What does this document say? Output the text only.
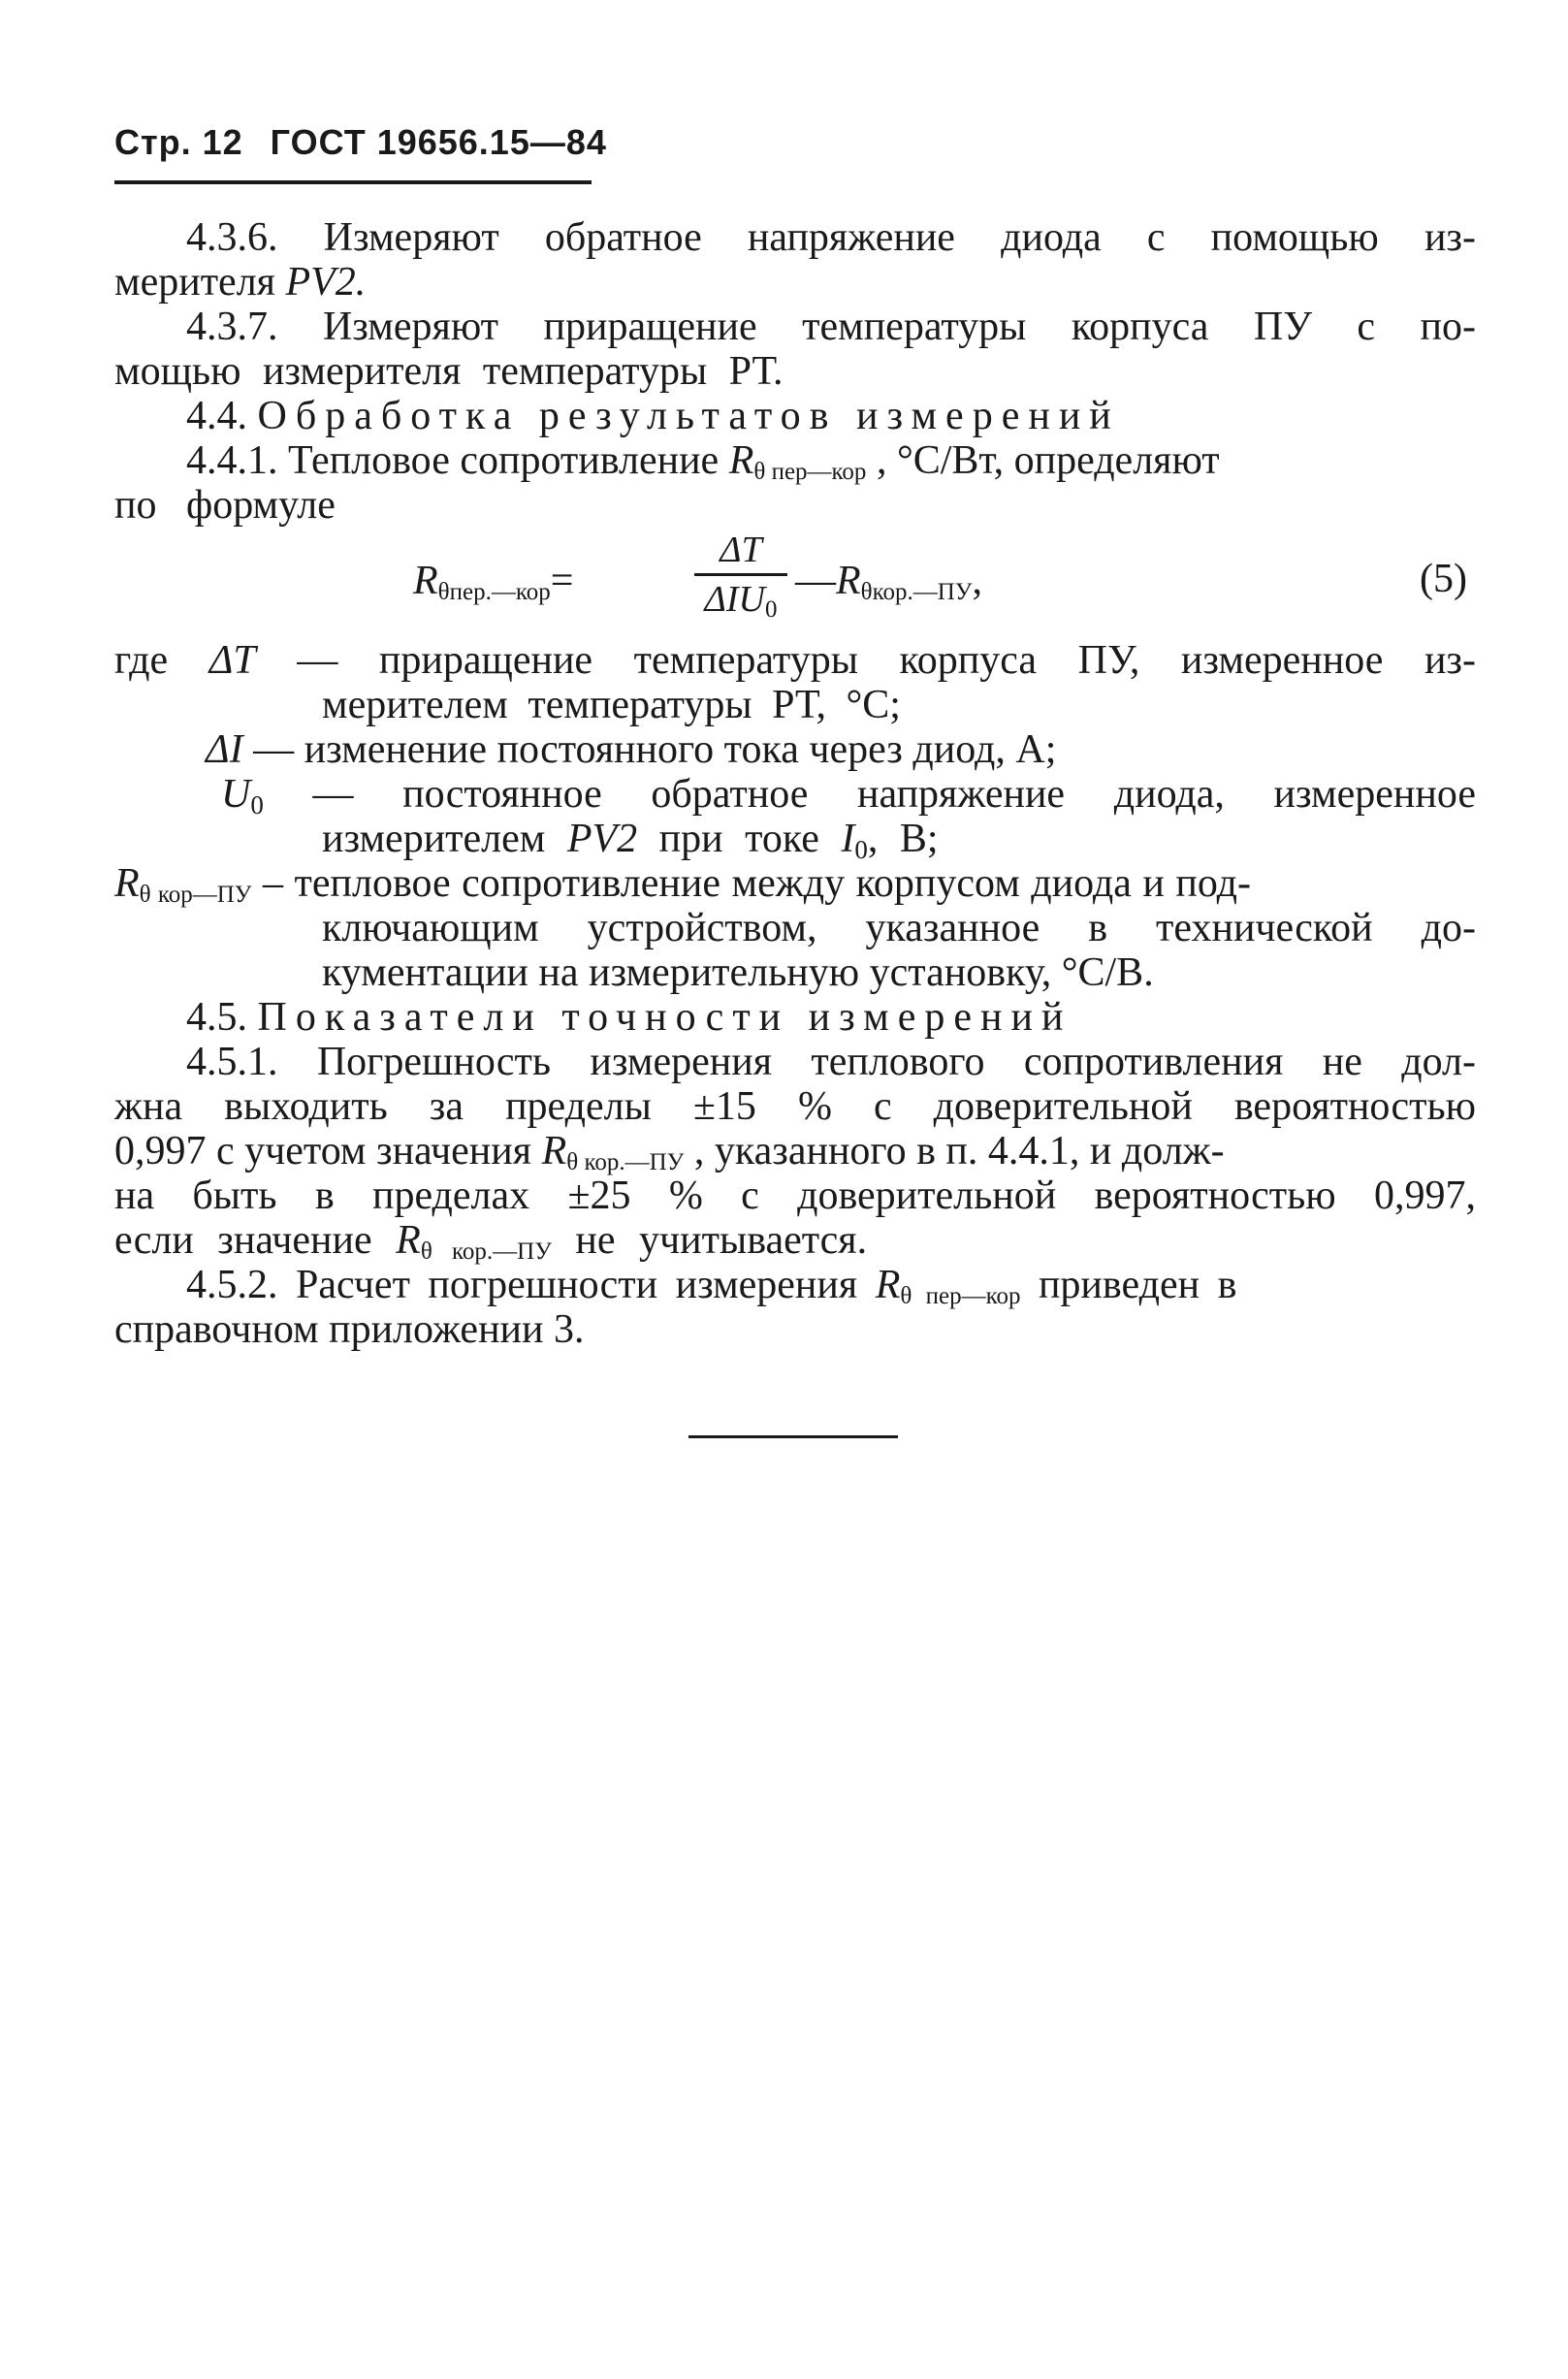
Стр. 12 ГОСТ 19656.15—84
4.3.6. Измеряют обратное напряжение диода с помощью из-
мерителя PV2.
4.3.7. Измеряют приращение температуры корпуса ПУ с по-
мощью измерителя температуры РТ.
4.4. Обработка результатов измерений
4.4.1. Тепловое сопротивление $R_{\theta пер—кор}$ , °С/Вт, определяют
по формуле
$R_{\theta пер.—кор}=$
ΔT
$\Delta IU_0$
$—R_{\theta кор.—ПУ}$,	(5)
где ΔT — приращение температуры корпуса ПУ, измеренное из-
мерителем температуры РТ, °С;
ΔI — изменение постоянного тока через диод, А;
$U_0$ — постоянное обратное напряжение диода, измеренное
измерителем PV2 при токе $I_0$, В;
$R_{\theta кор—ПУ}$ – тепловое сопротивление между корпусом диода и под-
ключающим устройством, указанное в технической до-
кументации на измерительную установку, °С/В.
4.5. Показатели точности измерений
4.5.1. Погрешность измерения теплового сопротивления не дол-
жна выходить за пределы ±15 % с доверительной вероятностью
0,997 с учетом значения $R_{\theta кор.—ПУ}$ , указанного в п. 4.4.1, и долж-
на быть в пределах ±25 % с доверительной вероятностью 0,997,
если значение $R_{\theta кор.—ПУ}$ не учитывается.
4.5.2. Расчет погрешности измерения $R_{\theta пер—кор}$ приведен в
справочном приложении 3.
